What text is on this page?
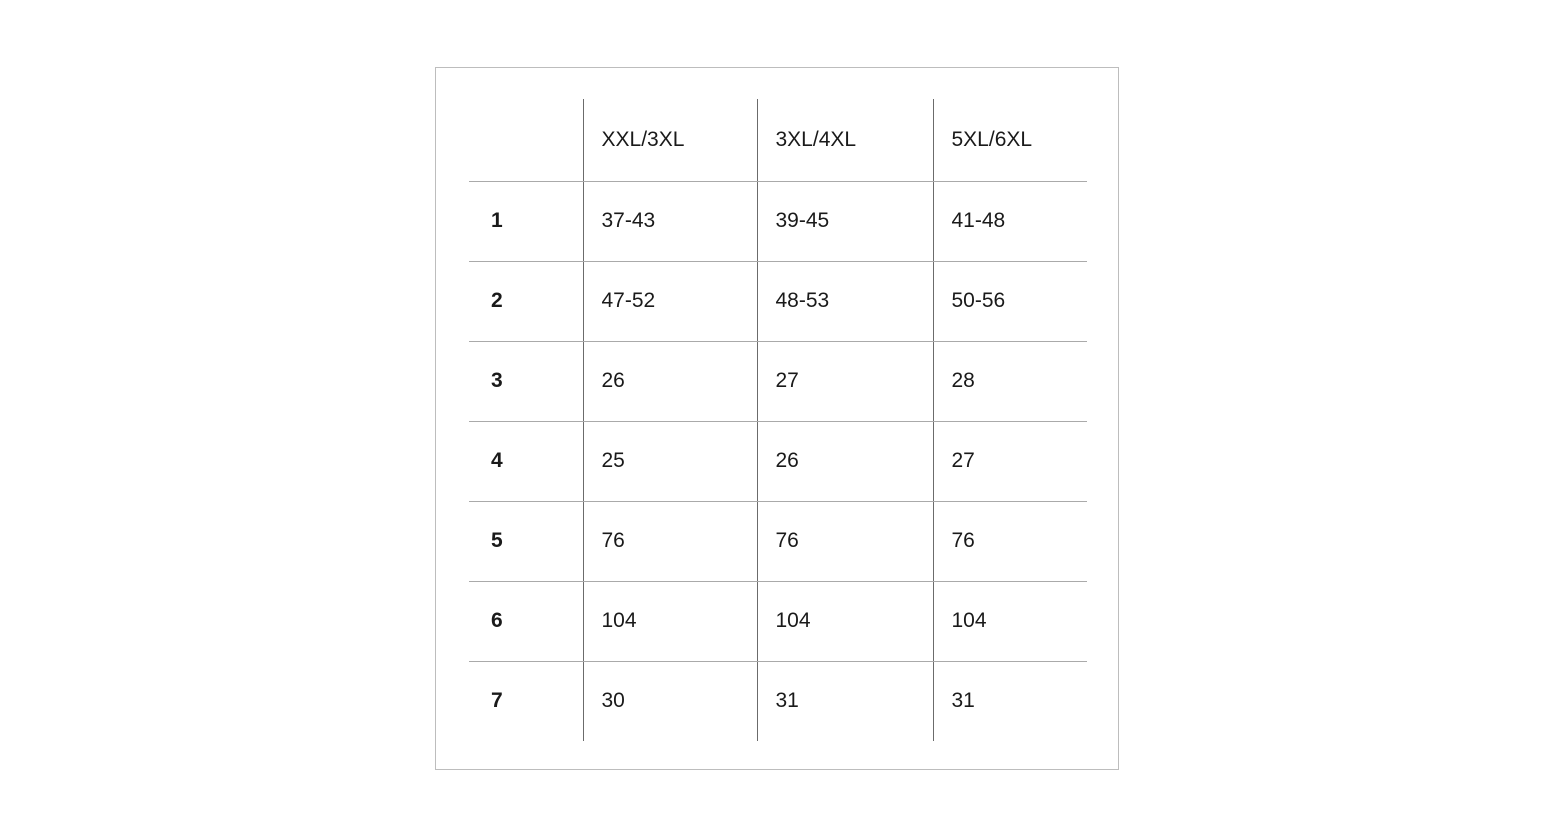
	XXL/3XL	3XL/4XL	5XL/6XL

1	37-43	39-45	41-48

2	47-52	48-53	50-56

3	26	27	28

4	25	26	27

5	76	76	76

6	104	104	104

7	30	31	31
